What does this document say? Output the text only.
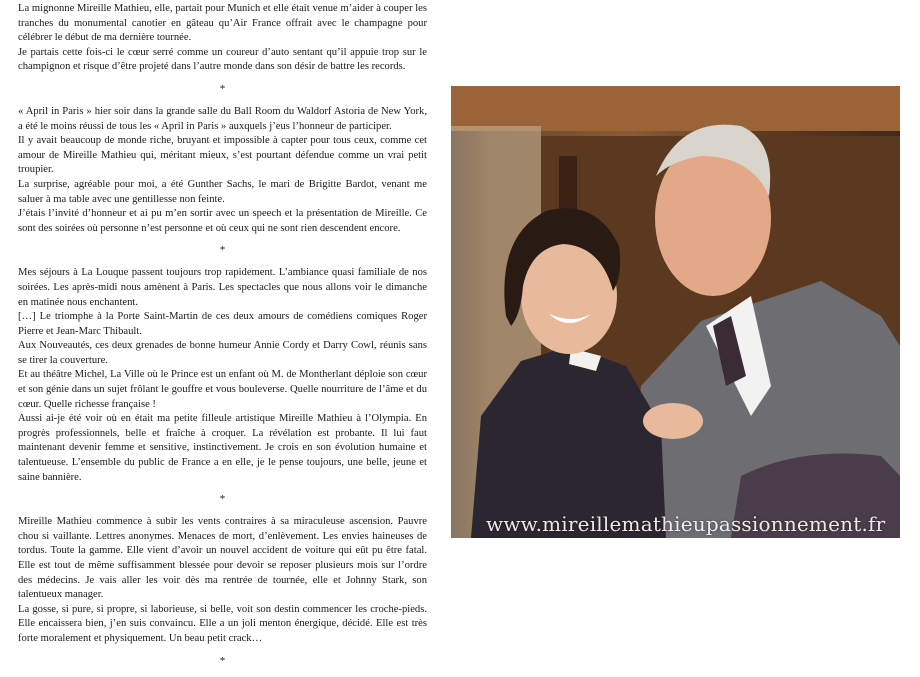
La mignonne Mireille Mathieu, elle, partait pour Munich et elle était venue m’aider à couper les tranches du monumental canotier en gâteau qu’Air France offrait avec le champagne pour célébrer le début de ma dernière tournée.

Je partais cette fois-ci le cœur serré comme un coureur d’auto sentant qu’il appuie trop sur le champignon et risque d’être projeté dans l’autre monde dans son désir de battre les records.

*

« April in Paris » hier soir dans la grande salle du Ball Room du Waldorf Astoria de New York, a été le moins réussi de tous les « April in Paris » auxquels j’eus l’honneur de participer.

Il y avait beaucoup de monde riche, bruyant et impossible à capter pour tous ceux, comme cet amour de Mireille Mathieu qui, méritant mieux, s’est pourtant défendue comme un vrai petit troupier.

La surprise, agréable pour moi, a été Gunther Sachs, le mari de Brigitte Bardot, venant me saluer à ma table avec une gentillesse non feinte.

J’étais l’invité d’honneur et ai pu m’en sortir avec un speech et la présentation de Mireille. Ce sont des soirées où personne n’est personne et où ceux qui ne sont rien descendent encore.

*

Mes séjours à La Louque passent toujours trop rapidement. L’ambiance quasi familiale de nos soirées. Les après-midi nous amènent à Paris. Les spectacles que nous allons voir le dimanche en matinée nous enchantent.

[…] Le triomphe à la Porte Saint-Martin de ces deux amours de comédiens comiques Roger Pierre et Jean-Marc Thibault.

Aux Nouveautés, ces deux grenades de bonne humeur Annie Cordy et Darry Cowl, réunis sans se tirer la couverture.

Et au théâtre Michel, La Ville où le Prince est un enfant où M. de Montherlant déploie son cœur et son génie dans un sujet frôlant le gouffre et vous bouleverse. Quelle nourriture de l’âme et du cœur. Quelle richesse française !

Aussi ai-je été voir où en était ma petite filleule artistique Mireille Mathieu à l’Olympia. En progrès professionnels, belle et fraîche à croquer. La révélation est probante. Il lui faut maintenant devenir femme et sensitive, instinctivement. Je crois en son évolution humaine et talentueuse. L’ensemble du public de France a en elle, je le pense toujours, une belle, jeune et saine bannière.

*

Mireille Mathieu commence à subir les vents contraires à sa miraculeuse ascension. Pauvre chou si vaillante. Lettres anonymes. Menaces de mort, d’enlèvement. Les envies haineuses de tordus. Toute la gamme. Elle vient d’avoir un nouvel accident de voiture qui eût pu être fatal. Elle est tout de même suffisamment blessée pour devoir se reposer plusieurs mois sur l’ordre des médecins. Je vais aller les voir dès ma rentrée de tournée, elle et Johnny Stark, son talentueux manager.

La gosse, si pure, si propre, si laborieuse, si belle, voit son destin commencer les croche-pieds. Elle encaissera bien, j’en suis convaincu. Elle a un joli menton énergique, décidé. Elle est très forte moralement et physiquement. Un beau petit crack…

*
www.mireillemathieupassionnement.fr
